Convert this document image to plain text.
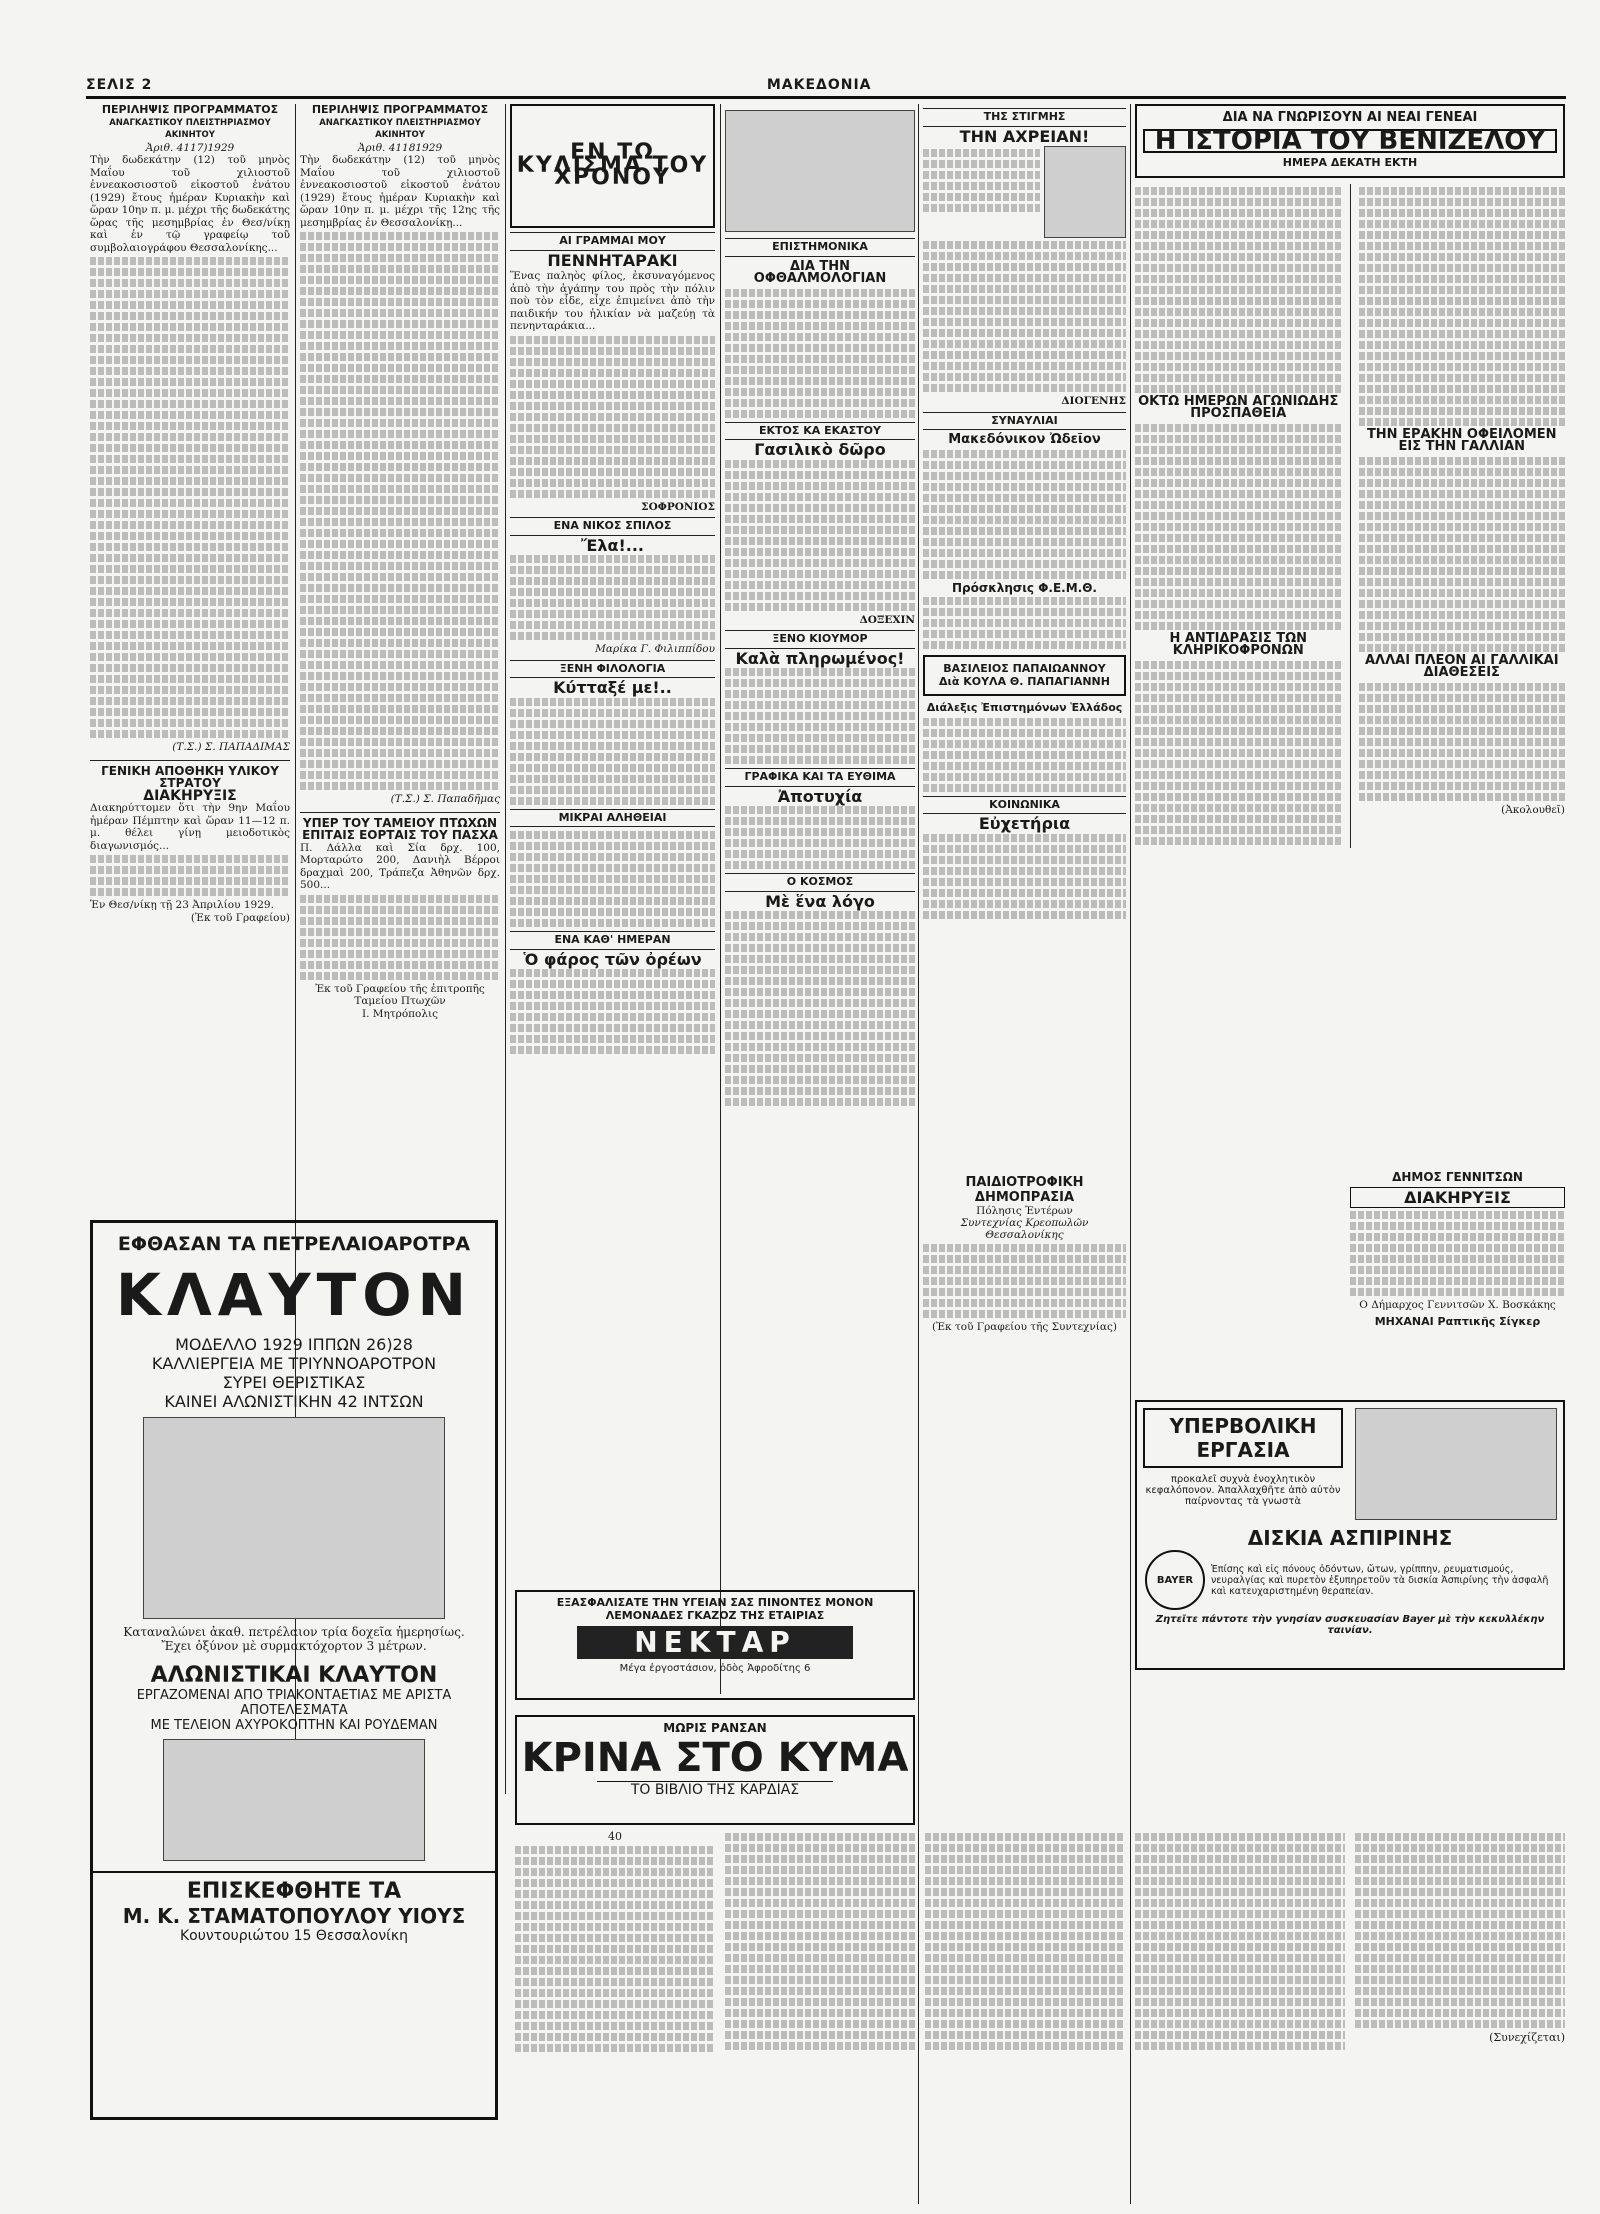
ΣΕΛΙΣ 2	ΜΑΚΕΔΟΝΙΑ
ΠΕΡΙΛΗΨΙΣ ΠΡΟΓΡΑΜΜΑΤΟΣ
ΑΝΑΓΚΑΣΤΙΚΟΥ ΠΛΕΙΣΤΗΡΙΑΣΜΟΥ ΑΚΙΝΗΤΟΥ
Ἀριθ. 4117)1929

Τὴν δωδεκάτην (12) τοῦ μηνὸς Μαΐου τοῦ χιλιοστοῦ ἐννεακοσιοστοῦ εἰκοστοῦ ἐνάτου (1929) ἔτους ἡμέραν Κυριακὴν καὶ ὥραν 10ην π. μ. μέχρι τῆς δωδεκάτης ὥρας τῆς μεσημβρίας ἐν Θεσ/νίκῃ καὶ ἐν τῷ γραφείῳ τοῦ συμβολαιογράφου Θεσσαλονίκης...

(Τ.Σ.) Σ. ΠΑΠΑΔΙΜΑΣ
ΓΕΝΙΚΗ ΑΠΟΘΗΚΗ ΥΛΙΚΟΥ ΣΤΡΑΤΟΥ
ΔΙΑΚΗΡΥΞΙΣ

Διακηρύττομεν ὅτι τὴν 9ην Μαΐου ἡμέραν Πέμπτην καὶ ὥραν 11—12 π. μ. θέλει γίνῃ μειοδοτικὸς διαγωνισμός...

Ἐν Θεσ/νίκῃ τῇ 23 Ἀπριλίου 1929.
(Ἐκ τοῦ Γραφείου)
ΠΕΡΙΛΗΨΙΣ ΠΡΟΓΡΑΜΜΑΤΟΣ
ΑΝΑΓΚΑΣΤΙΚΟΥ ΠΛΕΙΣΤΗΡΙΑΣΜΟΥ ΑΚΙΝΗΤΟΥ
Ἀριθ. 41181929

Τὴν δωδεκάτην (12) τοῦ μηνὸς Μαΐου τοῦ χιλιοστοῦ ἐννεακοσιοστοῦ εἰκοστοῦ ἐνάτου (1929) ἔτους ἡμέραν Κυριακὴν καὶ ὥραν 10ην π. μ. μέχρι τῆς 12ης τῆς μεσημβρίας ἐν Θεσσαλονίκῃ...

(Τ.Σ.) Σ. Παπαδῆμας
ΥΠΕΡ ΤΟΥ ΤΑΜΕΙΟΥ ΠΤΩΧΩΝ ΕΠΙΤΑΙΣ ΕΟΡΤΑΙΣ ΤΟΥ ΠΑΣΧΑ

Π. Δάλλα καὶ Σία δρχ. 100, Μορταρώτο 200, Δανιὴλ Βέρροι δραχμαὶ 200, Τράπεζα Ἀθηνῶν δρχ. 500...

Ἐκ τοῦ Γραφείου τῆς ἐπιτροπῆς Ταμείου Πτωχῶν
Ι. Μητρόπολις
ΕΦΘΑΣΑΝ ΤΑ ΠΕΤΡΕΛΑΙΟΑΡΟΤΡΑ
ΚΛΑΥΤΟΝ
ΜΟΔΕΛΛΟ 1929 ΙΠΠΩΝ 26)28
ΚΑΛΛΙΕΡΓΕΙΑ ΜΕ ΤΡΙΥΝΝΟΑΡΟΤΡΟΝ
ΣΥΡΕΙ ΘΕΡΙΣΤΙΚΑΣ
ΚΑΙΝΕΙ ΑΛΩΝΙΣΤΙΚΗΝ 42 ΙΝΤΣΩΝ
Καταναλώνει ἀκαθ. πετρέλαιον τρία δοχεῖα ἡμερησίως. Ἔχει ὀξύνον μὲ συρμακτόχορτον 3 μέτρων.
ΑΛΩΝΙΣΤΙΚΑΙ ΚΛΑΥΤΟΝ
ΕΡΓΑΖΟΜΕΝΑΙ ΑΠΟ ΤΡΙΑΚΟΝΤΑΕΤΙΑΣ ΜΕ ΑΡΙΣΤΑ ΑΠΟΤΕΛΕΣΜΑΤΑ
ΜΕ ΤΕΛΕΙΟΝ ΑΧΥΡΟΚΟΠΤΗΝ ΚΑΙ ΡΟΥΔΕΜΑΝ
ΕΠΙΣΚΕΦΘΗΤΕ ΤΑ
Μ. Κ. ΣΤΑΜΑΤΟΠΟΥΛΟΥ ΥΙΟΥΣ
Κουντουριώτου 15 Θεσσαλονίκη
ΕΝ ΤΩ ΚΥΛΙΣΜΑ ΤΟΥ ΧΡΟΝΟΥ
ΑΙ ΓΡΑΜΜΑΙ ΜΟΥ
ΠΕΝΝΗΤΑΡΑΚΙ

Ἕνας παληὸς φίλος, ἐκσυναγόμενος ἀπὸ τὴν ἀγάπην του πρὸς τὴν πόλιν ποὺ τὸν εἶδε, εἶχε ἐπιμείνει ἀπὸ τὴν παιδικήν του ἡλικίαν νὰ μαζεύῃ τὰ πενηνταράκια...

ΣΟΦΡΟΝΙΟΣ
ΕΝΑ ΝΙΚΟΣ ΣΠΙΛΟΣ
Ἔλα!...
Μαρίκα Γ. Φιλιππίδου
ΞΕΝΗ ΦΙΛΟΛΟΓΙΑ
Κύτταξέ με!..
ΜΙΚΡΑΙ ΑΛΗΘΕΙΑΙ
ΕΝΑ ΚΑΘ' ΗΜΕΡΑΝ
Ὁ φάρος τῶν ὀρέων
ΕΠΙΣΤΗΜΟΝΙΚΑ
ΔΙΑ ΤΗΝ ΟΦΘΑΛΜΟΛΟΓΙΑΝ
ΕΚΤΟΣ ΚΑ ΕΚΑΣΤΟΥ
Γασιλικὸ δῶρο
ΔΟΞΕΧΙΝ
ΞΕΝΟ ΚΙΟΥΜΟΡ
Καλὰ πληρωμένος!
ΓΡΑΦΙΚΑ ΚΑΙ ΤΑ ΕΥΘΙΜΑ
Ἀποτυχία
Ο ΚΟΣΜΟΣ
Μὲ ἕνα λόγο
ΤΗΣ ΣΤΙΓΜΗΣ
ΤΗΝ ΑΧΡΕΙΑΝ!
ΔΙΟΓΕΝΗΣ
ΣΥΝΑΥΛΙΑΙ
Μακεδόνικον Ὠδεῖον
Πρόσκλησις Φ.Ε.Μ.Θ.
ΒΑΣΙΛΕΙΟΣ ΠΑΠΑΙΩΑΝΝΟΥ
Διὰ ΚΟΥΛΑ Θ. ΠΑΠΑΓΙΑΝΝΗ
Διάλεξις Ἐπιστημόνων Ἑλλάδος
ΚΟΙΝΩΝΙΚΑ
Εὐχετήρια
ΔΙΑ ΝΑ ΓΝΩΡΙΣΟΥΝ ΑΙ ΝΕΑΙ ΓΕΝΕΑΙ
Η ΙΣΤΟΡΙΑ ΤΟΥ ΒΕΝΙΖΕΛΟΥ
ΗΜΕΡΑ ΔΕΚΑΤΗ ΕΚΤΗ
ΟΚΤΩ ΗΜΕΡΩΝ ΑΓΩΝΙΩΔΗΣ ΠΡΟΣΠΑΘΕΙΑ
Η ΑΝΤΙΔΡΑΣΙΣ ΤΩΝ ΚΛΗΡΙΚΟΦΡΟΝΩΝ
ΤΗΝ ΕΡΑΚΗΝ ΟΦΕΙΛΟΜΕΝ ΕΙΣ ΤΗΝ ΓΑΛΛΙΑΝ
ΑΛΛΑΙ ΠΛΕΟΝ ΑΙ ΓΑΛΛΙΚΑΙ ΔΙΑΘΕΣΕΙΣ
(Ἀκολουθεῖ)
ΠΑΙΔΙΟΤΡΟΦΙΚΗ ΔΗΜΟΠΡΑΣΙΑ
Πόλησις Ἐντέρων
Συντεχνίας Κρεοπωλῶν Θεσσαλονίκης
(Ἐκ τοῦ Γραφείου τῆς Συντεχνίας)
ΔΗΜΟΣ ΓΕΝΝΙΤΣΩΝ
ΔΙΑΚΗΡΥΞΙΣ
Ο Δήμαρχος Γεννιτσῶν Χ. Βοσκάκης
ΜΗΧΑΝΑΙ Ραπτικῆς Σίγκερ
ΥΠΕΡΒΟΛΙΚΗ ΕΡΓΑΣΙΑ
προκαλεῖ συχνὰ ἐνοχλητικὸν κεφαλόπονον. Ἀπαλλαχθῆτε ἀπὸ αὐτὸν παίρνοντας τὰ γνωστὰ
ΔΙΣΚΙΑ ΑΣΠΙΡΙΝΗΣ
BAYER
Ἐπίσης καὶ εἰς πόνους ὀδόντων, ὤτων, γρίππην, ρευματισμούς, νευραλγίας καὶ πυρετὸν ἐξυπηρετοῦν τὰ δισκία Ἀσπιρίνης τὴν ἀσφαλῆ καὶ κατευχαριστημένη θεραπείαν.
Ζητεῖτε πάντοτε τὴν γνησίαν συσκευασίαν Bayer μὲ τὴν κεκυλλέκην ταινίαν.
ΕΞΑΣΦΑΛΙΣΑΤΕ ΤΗΝ ΥΓΕΙΑΝ ΣΑΣ ΠΙΝΟΝΤΕΣ ΜΟΝΟΝ
ΛΕΜΟΝΑΔΕΣ ΓΚΑΖΟΖ ΤΗΣ ΕΤΑΙΡΙΑΣ
ΝΕΚΤΑΡ
Μέγα ἐργοστάσιον, ὁδὸς Ἀφροδίτης 6
ΜΩΡΙΣ ΡΑΝΣΑΝ
ΚΡΙΝΑ ΣΤΟ ΚΥΜΑ
ΤΟ ΒΙΒΛΙΟ ΤΗΣ ΚΑΡΔΙΑΣ
40
(Συνεχίζεται)
